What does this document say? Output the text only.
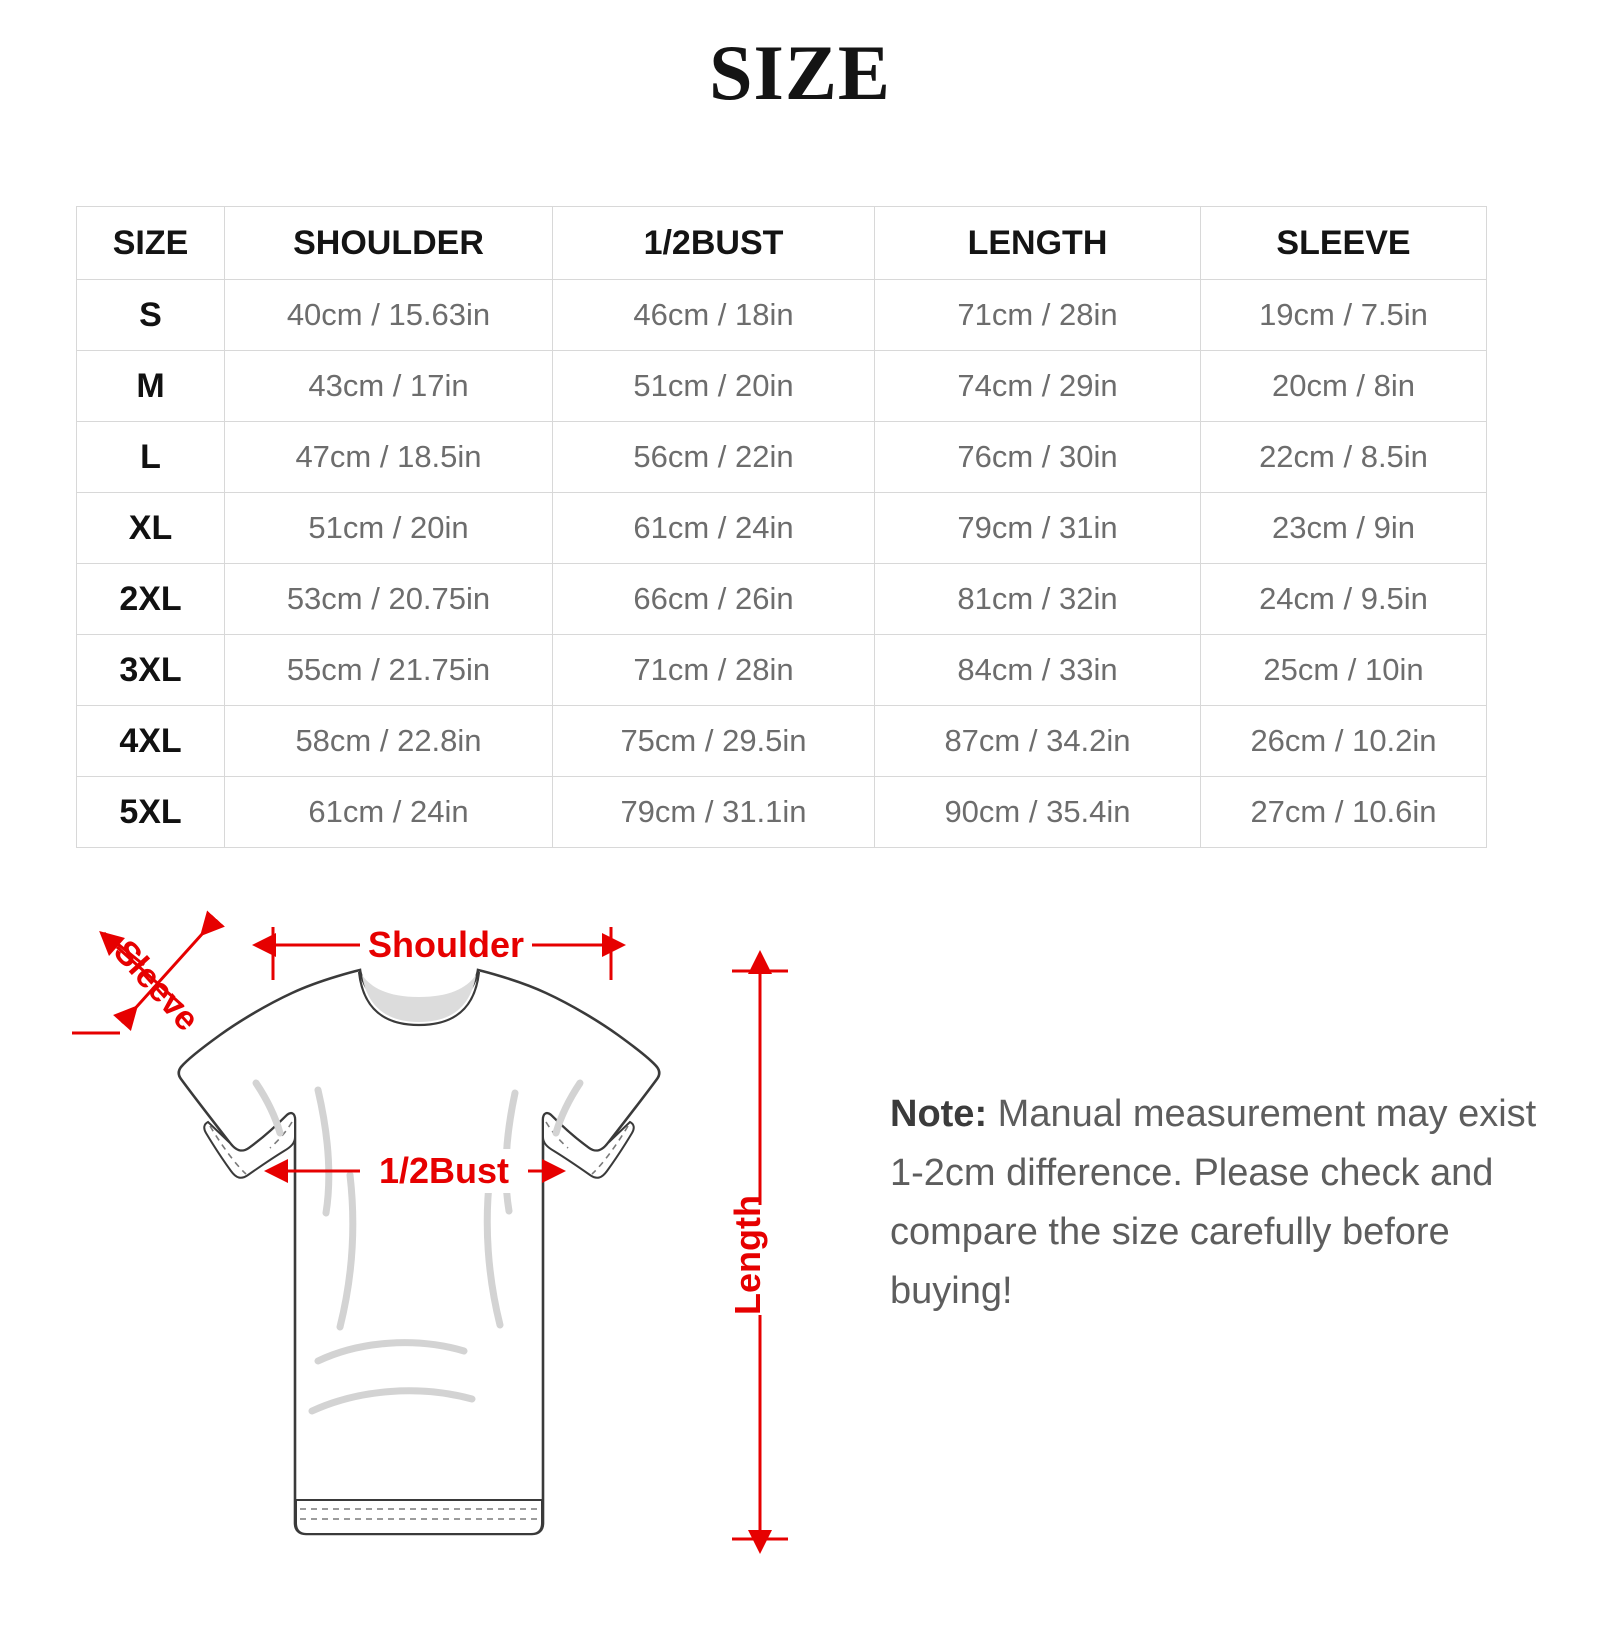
SIZE
SIZE	SHOULDER	1/2BUST	LENGTH	SLEEVE
S	40cm / 15.63in	46cm / 18in	71cm / 28in	19cm / 7.5in
M	43cm / 17in	51cm / 20in	74cm / 29in	20cm / 8in
L	47cm / 18.5in	56cm / 22in	76cm / 30in	22cm / 8.5in
XL	51cm / 20in	61cm / 24in	79cm / 31in	23cm / 9in
2XL	53cm / 20.75in	66cm / 26in	81cm / 32in	24cm / 9.5in
3XL	55cm / 21.75in	71cm / 28in	84cm / 33in	25cm / 10in
4XL	58cm / 22.8in	75cm / 29.5in	87cm / 34.2in	26cm / 10.2in
5XL	61cm / 24in	79cm / 31.1in	90cm / 35.4in	27cm / 10.6in
Shoulder
Sleeve
1/2Bust
Length
Note: Manual measurement may exist 1-2cm difference. Please check and compare the size carefully before buying!
